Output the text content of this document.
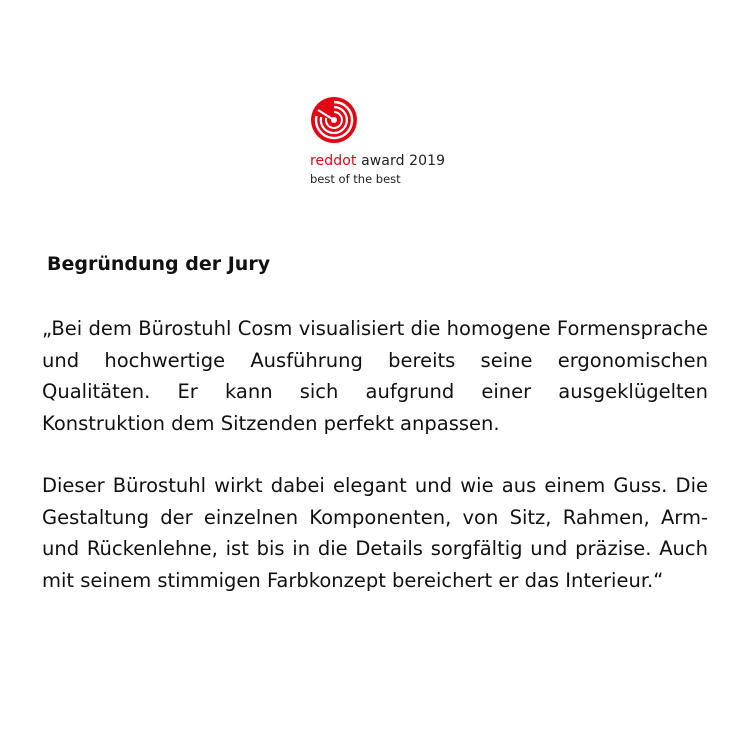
reddot award 2019
best of the best
Begründung der Jury

„Bei dem Bürostuhl Cosm visualisiert die homogene Formensprache und hochwertige Ausführung bereits seine ergonomischen Qualitäten. Er kann sich aufgrund einer ausgeklügelten Konstruktion dem Sitzenden perfekt anpassen.

Dieser Bürostuhl wirkt dabei elegant und wie aus einem Guss. Die Gestaltung der einzelnen Komponenten, von Sitz, Rahmen, Arm- und Rückenlehne, ist bis in die Details sorgfältig und präzise. Auch mit seinem stimmigen Farbkonzept bereichert er das Interieur.“
